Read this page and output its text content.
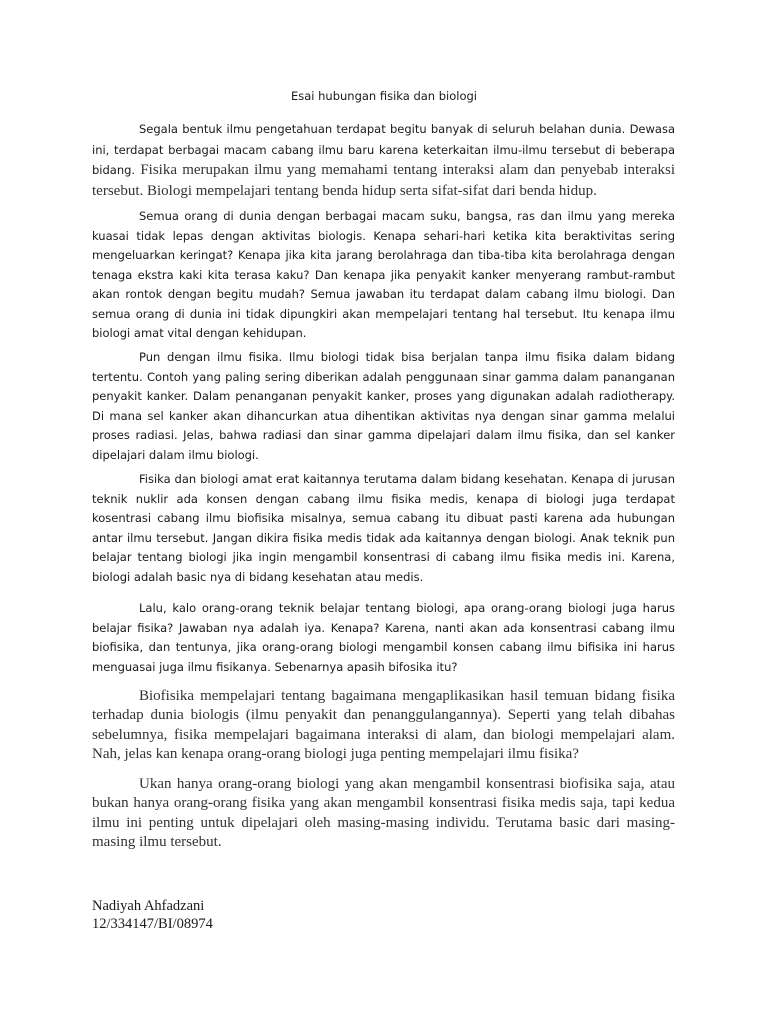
Esai hubungan fisika dan biologi

Segala bentuk ilmu pengetahuan terdapat begitu banyak di seluruh belahan dunia. Dewasa ini, terdapat berbagai macam cabang ilmu baru karena keterkaitan ilmu-ilmu tersebut di beberapa bidang. Fisika merupakan ilmu yang memahami tentang interaksi alam dan penyebab interaksi tersebut. Biologi mempelajari tentang benda hidup serta sifat-sifat dari benda hidup.

Semua orang di dunia dengan berbagai macam suku, bangsa, ras dan ilmu yang mereka kuasai tidak lepas dengan aktivitas biologis. Kenapa sehari-hari ketika kita beraktivitas sering mengeluarkan keringat? Kenapa jika kita jarang berolahraga dan tiba-tiba kita berolahraga dengan tenaga ekstra kaki kita terasa kaku? Dan kenapa jika penyakit kanker menyerang rambut-rambut akan rontok dengan begitu mudah? Semua jawaban itu terdapat dalam cabang ilmu biologi. Dan semua orang di dunia ini tidak dipungkiri akan mempelajari tentang hal tersebut. Itu kenapa ilmu biologi amat vital dengan kehidupan.

Pun dengan ilmu fisika. Ilmu biologi tidak bisa berjalan tanpa ilmu fisika dalam bidang tertentu. Contoh yang paling sering diberikan adalah penggunaan sinar gamma dalam pananganan penyakit kanker. Dalam penanganan penyakit kanker, proses yang digunakan adalah radiotherapy. Di mana sel kanker akan dihancurkan atua dihentikan aktivitas nya dengan sinar gamma melalui proses radiasi. Jelas, bahwa radiasi dan sinar gamma dipelajari dalam ilmu fisika, dan sel kanker dipelajari dalam ilmu biologi.

Fisika dan biologi amat erat kaitannya terutama dalam bidang kesehatan. Kenapa di jurusan teknik nuklir ada konsen dengan cabang ilmu fisika medis, kenapa di biologi juga terdapat kosentrasi cabang ilmu biofisika misalnya, semua cabang itu dibuat pasti karena ada hubungan antar ilmu tersebut. Jangan dikira fisika medis tidak ada kaitannya dengan biologi. Anak teknik pun belajar tentang biologi jika ingin mengambil konsentrasi di cabang ilmu fisika medis ini. Karena, biologi adalah basic nya di bidang kesehatan atau medis.

Lalu, kalo orang-orang teknik belajar tentang biologi, apa orang-orang biologi juga harus belajar fisika? Jawaban nya adalah iya. Kenapa? Karena, nanti akan ada konsentrasi cabang ilmu biofisika, dan tentunya, jika orang-orang biologi mengambil konsen cabang ilmu bifisika ini harus menguasai juga ilmu fisikanya. Sebenarnya apasih bifosika itu?

Biofisika mempelajari tentang bagaimana mengaplikasikan hasil temuan bidang fisika terhadap dunia biologis (ilmu penyakit dan penanggulangannya). Seperti yang telah dibahas sebelumnya, fisika mempelajari bagaimana interaksi di alam, dan biologi mempelajari alam. Nah, jelas kan kenapa orang-orang biologi juga penting mempelajari ilmu fisika?

Ukan hanya orang-orang biologi yang akan mengambil konsentrasi biofisika saja, atau bukan hanya orang-orang fisika yang akan mengambil konsentrasi fisika medis saja, tapi kedua ilmu ini penting untuk dipelajari oleh masing-masing individu. Terutama basic dari masing-masing ilmu tersebut.

Nadiyah Ahfadzani
12/334147/BI/08974
